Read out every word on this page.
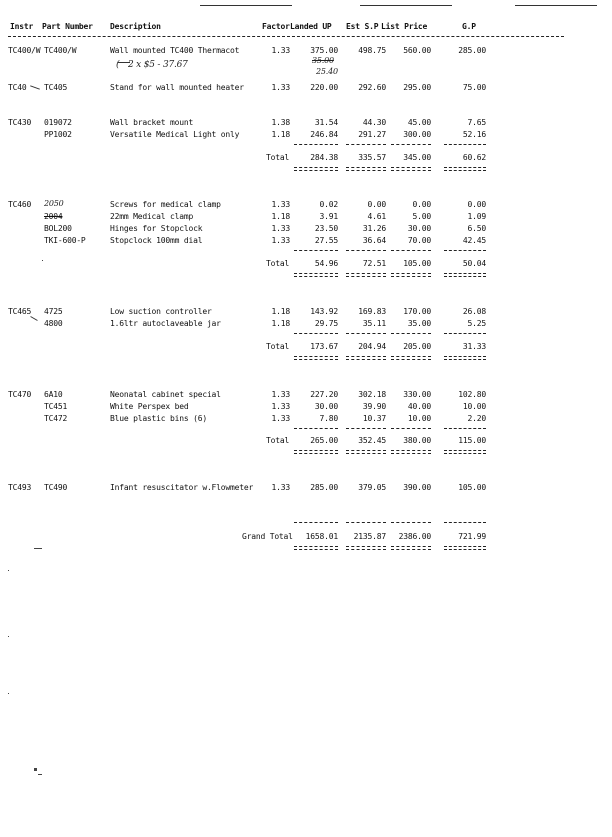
Instr Part Number Description	Factor Landed UP Est S.P List Price	G.P
TC400/W TC400/W	Wall mounted TC400 Thermacot	1.33	375.00	498.75	560.00	285.00
2 x $5 - 37.67
(	35.00
25.40
TC40 TC405	Stand for wall mounted heater	1.33	220.00	292.60	295.00	75.00
TC430 019072	Wall bracket mount	1.38	31.54	44.30	45.00	7.65
PP1002	Versatile Medical Light only	1.18	246.84	291.27	300.00	52.16
Total	284.38	335.57	345.00	60.62
TC460 2050	Screws for medical clamp	1.33	0.02	0.00	0.00	0.00
2004	22mm Medical clamp	1.18	3.91	4.61	5.00	1.09
BOL200	Hinges for Stopclock	1.33	23.50	31.26	30.00	6.50
TKI-600-P	Stopclock 100mm dial	1.33	27.55	36.64	70.00	42.45
Total	54.96	72.51	105.00	50.04
TC465 4725	Low suction controller	1.18	143.92	169.83	170.00	26.08
4800	1.6ltr autoclaveable jar	1.18	29.75	35.11	35.00	5.25
Total	173.67	204.94	205.00	31.33
TC470 6A10	Neonatal cabinet special	1.33	227.20	302.18	330.00	102.80
TC451	White Perspex bed	1.33	30.00	39.90	40.00	10.00
TC472	Blue plastic bins (6)	1.33	7.80	10.37	10.00	2.20
Total	265.00	352.45	380.00	115.00
TC493 TC490	Infant resuscitator w.Flowmeter	1.33	285.00	379.05	390.00	105.00
Grand Total	1658.01	2135.87	2386.00	721.99
